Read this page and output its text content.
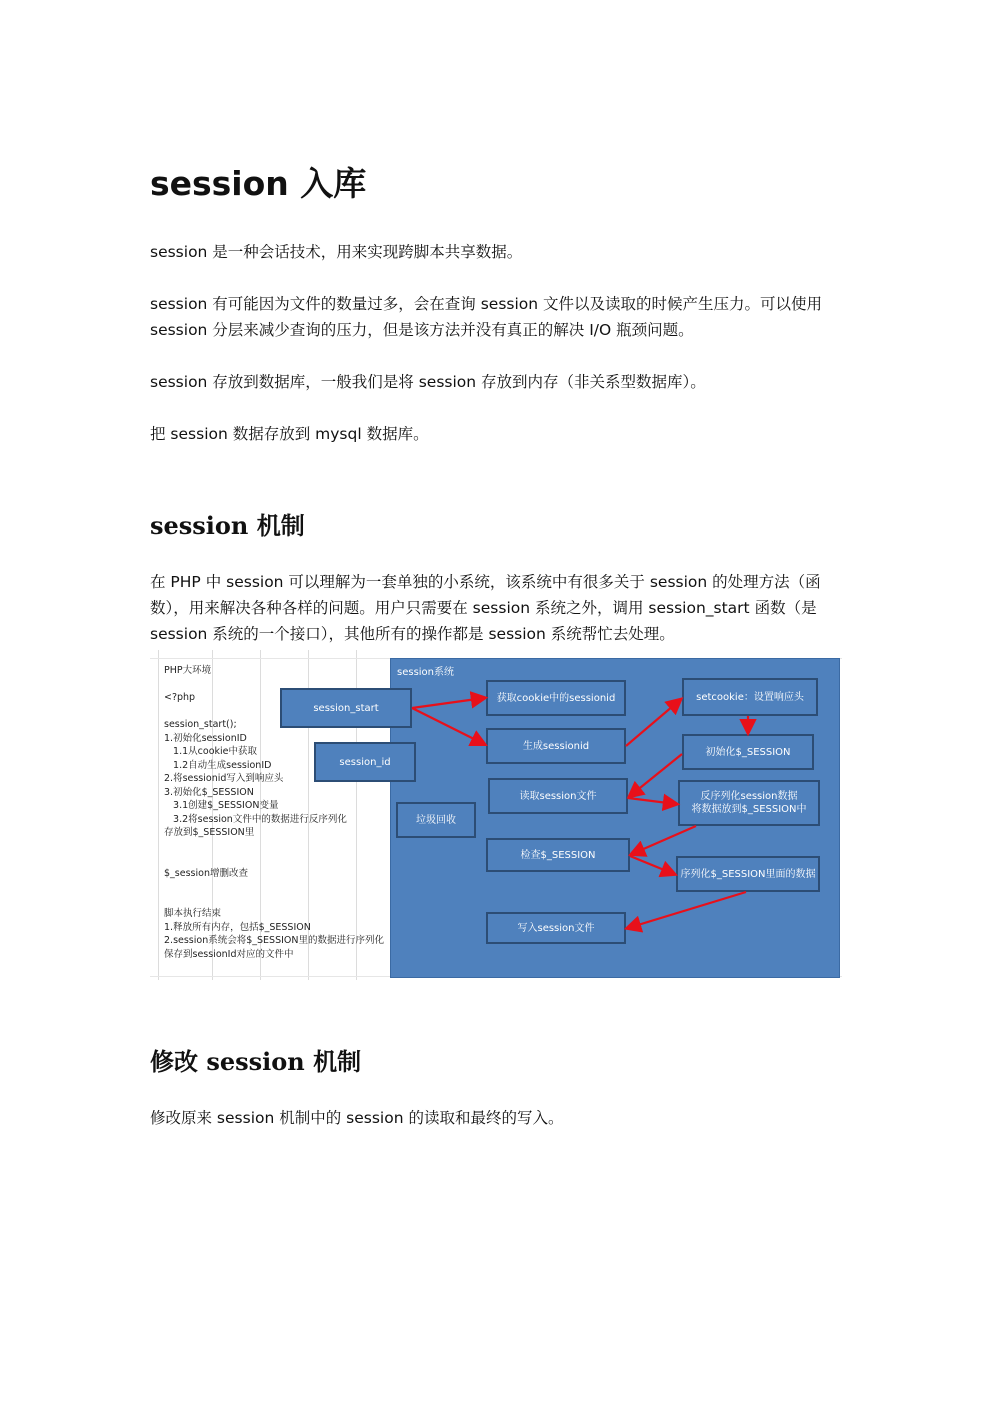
session 入库

session 是一种会话技术，用来实现跨脚本共享数据。

session 有可能因为文件的数量过多，会在查询 session 文件以及读取的时候产生压力。可以使用 session 分层来减少查询的压力，但是该方法并没有真正的解决 I/O 瓶颈问题。

session 存放到数据库，一般我们是将 session 存放到内存（非关系型数据库）。

把 session 数据存放到 mysql 数据库。

session 机制

在 PHP 中 session 可以理解为一套单独的小系统，该系统中有很多关于 session 的处理方法（函数），用来解决各种各样的问题。用户只需要在 session 系统之外，调用 session_start 函数（是 session 系统的一个接口），其他所有的操作都是 session 系统帮忙去处理。

PHP大环境

<?php

session_start();
1.初始化sessionID
1.1从cookie中获取
1.2自动生成sessionID
2.将sessionid写入到响应头
3.初始化$_SESSION
3.1创建$_SESSION变量
3.2将session文件中的数据进行反序列化
存放到$_SESSION里

$_session增删改查

脚本执行结束
1.释放所有内存，包括$_SESSION
2.session系统会将$_SESSION里的数据进行序列化
保存到sessionId对应的文件中
session系统
session_start
session_id
垃圾回收
获取cookie中的sessionid
生成sessionid
读取session文件
检查$_SESSION
写入session文件
setcookie：设置响应头
初始化$_SESSION
反序列化session数据
将数据放到$_SESSION中
序列化$_SESSION里面的数据
修改 session 机制

修改原来 session 机制中的 session 的读取和最终的写入。
